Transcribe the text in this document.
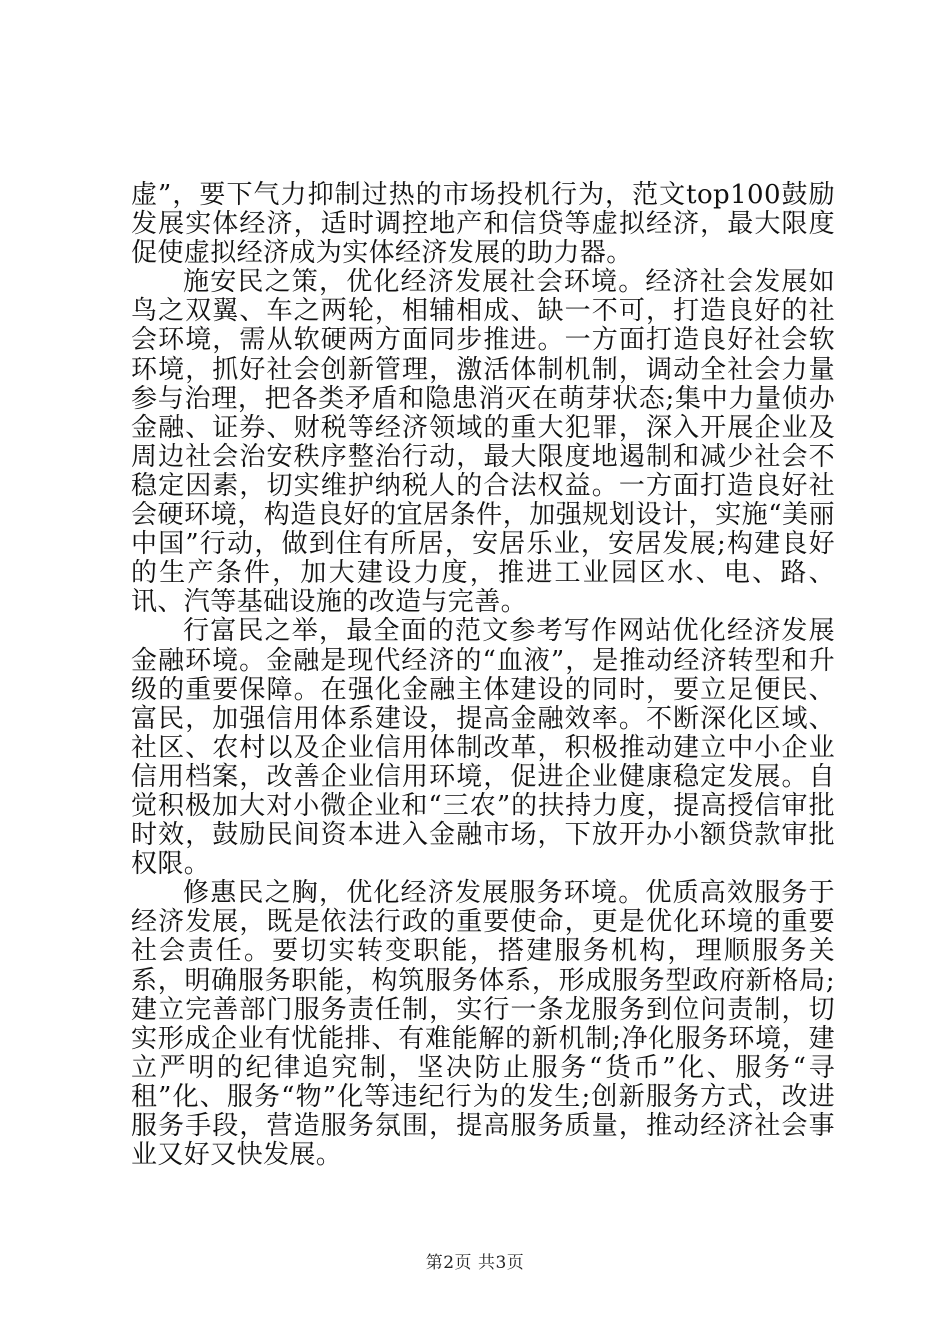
虚”，要下气力抑制过热的市场投机行为，范文top100鼓励发展实体经济，适时调控地产和信贷等虚拟经济，最大限度促使虚拟经济成为实体经济发展的助力器。

施安民之策，优化经济发展社会环境。经济社会发展如鸟之双翼、车之两轮，相辅相成、缺一不可，打造良好的社会环境，需从软硬两方面同步推进。一方面打造良好社会软环境，抓好社会创新管理，激活体制机制，调动全社会力量参与治理，把各类矛盾和隐患消灭在萌芽状态;集中力量侦办金融、证券、财税等经济领域的重大犯罪，深入开展企业及周边社会治安秩序整治行动，最大限度地遏制和减少社会不稳定因素，切实维护纳税人的合法权益。一方面打造良好社会硬环境，构造良好的宜居条件，加强规划设计，实施“美丽中国”行动，做到住有所居，安居乐业，安居发展;构建良好的生产条件，加大建设力度，推进工业园区水、电、路、讯、汽等基础设施的改造与完善。

行富民之举，最全面的范文参考写作网站优化经济发展金融环境。金融是现代经济的“血液”，是推动经济转型和升级的重要保障。在强化金融主体建设的同时，要立足便民、富民，加强信用体系建设，提高金融效率。不断深化区域、社区、农村以及企业信用体制改革，积极推动建立中小企业信用档案，改善企业信用环境，促进企业健康稳定发展。自觉积极加大对小微企业和“三农”的扶持力度，提高授信审批时效，鼓励民间资本进入金融市场，下放开办小额贷款审批权限。

修惠民之胸，优化经济发展服务环境。优质高效服务于经济发展，既是依法行政的重要使命，更是优化环境的重要社会责任。要切实转变职能，搭建服务机构，理顺服务关系，明确服务职能，构筑服务体系，形成服务型政府新格局;建立完善部门服务责任制，实行一条龙服务到位问责制，切实形成企业有忧能排、有难能解的新机制;净化服务环境，建立严明的纪律追究制，坚决防止服务“货币”化、服务“寻租”化、服务“物”化等违纪行为的发生;创新服务方式，改进服务手段，营造服务氛围，提高服务质量，推动经济社会事业又好又快发展。

第2页 共3页
